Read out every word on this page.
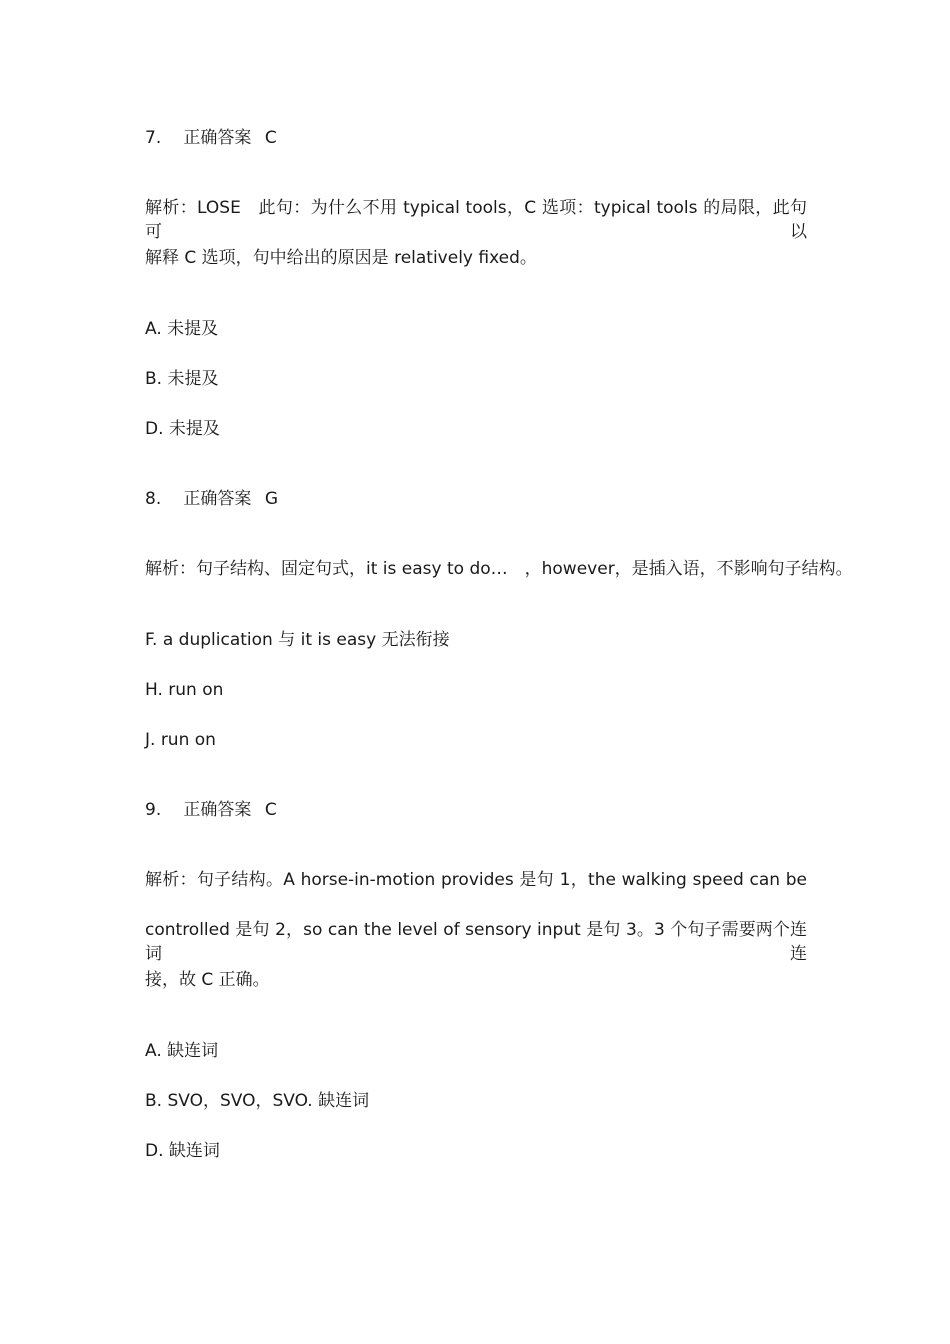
7. 正确答案 C
解析：LOSE　此句：为什么不用 typical tools，C 选项：typical tools 的局限，此句可以
解释 C 选项，句中给出的原因是 relatively fixed。
A. 未提及
B. 未提及
D. 未提及
8. 正确答案 G
解析：句子结构、固定句式，it is easy to do…　，however，是插入语，不影响句子结构。
F. a duplication 与 it is easy 无法衔接
H. run on
J. run on
9. 正确答案 C
解析：句子结构。A horse-in-motion provides 是句 1，the walking speed can be
controlled 是句 2，so can the level of sensory input 是句 3。3 个句子需要两个连词连
接，故 C 正确。
A. 缺连词
B. SVO，SVO，SVO. 缺连词
D. 缺连词
